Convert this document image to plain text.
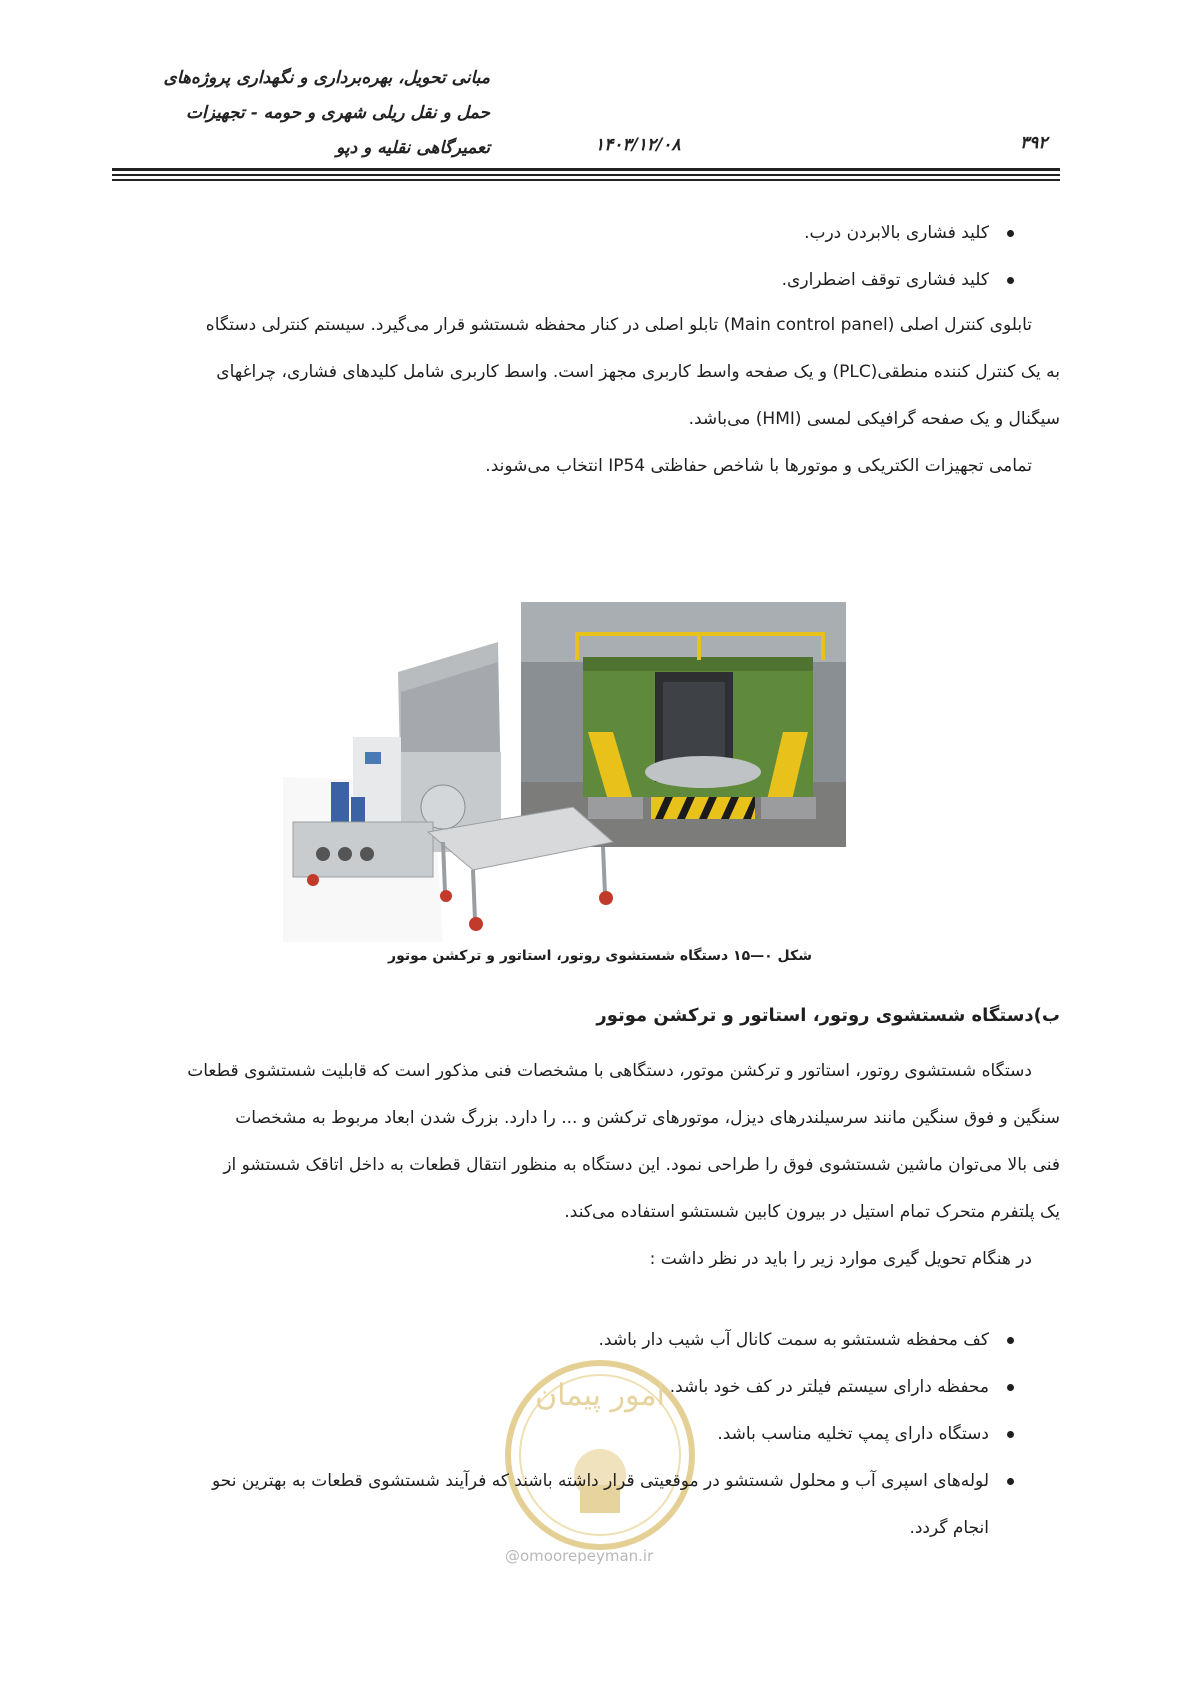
مبانی تحویل، بهره‌برداری و نگهداری پروژه‌های
حمل و نقل ریلی شهری و حومه - تجهیزات
تعمیرگاهی نقلیه و دپو	۱۴۰۳/۱۲/۰۸	۳۹۲
کلید فشاری بالابردن درب.
کلید فشاری توقف اضطراری.
تابلوی کنترل اصلی (Main control panel) تابلو اصلی در کنار محفظه شستشو قرار می‌گیرد. سیستم کنترلی دستگاه
به یک کنترل کننده منطقی(PLC) و یک صفحه واسط کاربری مجهز است. واسط کاربری شامل کلیدهای فشاری، چراغهای
سیگنال و یک صفحه گرافیکی لمسی (HMI) می‌باشد.
تمامی تجهیزات الکتریکی و موتورها با شاخص حفاظتی IP54 انتخاب می‌شوند.
شکل ۰—۱۵ دستگاه شستشوی روتور، استاتور و ترکشن موتور
ب)دستگاه شستشوی روتور، استاتور و ترکشن موتور
دستگاه شستشوی روتور، استاتور و ترکشن موتور، دستگاهی با مشخصات فنی مذکور است که قابلیت شستشوی قطعات
سنگین و فوق سنگین مانند سرسیلندرهای دیزل، موتورهای ترکشن و ... را دارد. بزرگ شدن ابعاد مربوط به مشخصات
فنی بالا می‌توان ماشین شستشوی فوق را طراحی نمود. این دستگاه به منظور انتقال قطعات به داخل اتاقک شستشو از
یک پلتفرم متحرک تمام استیل در بیرون کابین شستشو استفاده می‌کند.
در هنگام تحویل گیری موارد زیر را باید در نظر داشت :
امور پیمان
کف محفظه شستشو به سمت کانال آب شیب دار باشد.
محفظه دارای سیستم فیلتر در کف خود باشد.
دستگاه دارای پمپ تخلیه مناسب باشد.
لوله‌های اسپری آب و محلول شستشو در موقعیتی قرار داشته باشند که فرآیند شستشوی قطعات به بهترین نحو
انجام گردد.
@omoorepeyman.ir
